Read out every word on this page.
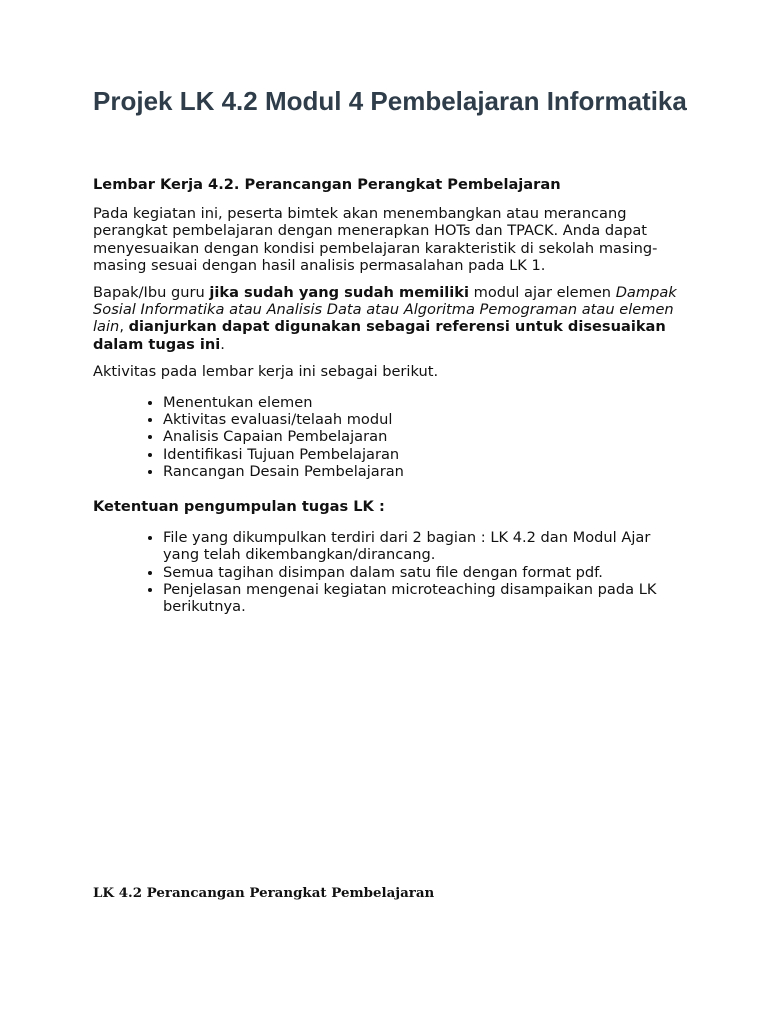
Projek LK 4.2 Modul 4 Pembelajaran Informatika

Lembar Kerja 4.2. Perancangan Perangkat Pembelajaran

Pada kegiatan ini, peserta bimtek akan menembangkan atau merancang perangkat pembelajaran dengan menerapkan HOTs dan TPACK. Anda dapat menyesuaikan dengan kondisi pembelajaran karakteristik di sekolah masing-masing sesuai dengan hasil analisis permasalahan pada LK 1.

Bapak/Ibu guru jika sudah yang sudah memiliki modul ajar elemen Dampak Sosial Informatika atau Analisis Data atau Algoritma Pemograman atau elemen lain, dianjurkan dapat digunakan sebagai referensi untuk disesuaikan dalam tugas ini.

Aktivitas pada lembar kerja ini sebagai berikut.

• Menentukan elemen
• Aktivitas evaluasi/telaah modul
• Analisis Capaian Pembelajaran
• Identifikasi Tujuan Pembelajaran
• Rancangan Desain Pembelajaran

Ketentuan pengumpulan tugas LK :

• File yang dikumpulkan terdiri dari 2 bagian : LK 4.2 dan Modul Ajar yang telah dikembangkan/dirancang.
• Semua tagihan disimpan dalam satu file dengan format pdf.
• Penjelasan mengenai kegiatan microteaching disampaikan pada LK berikutnya.
LK 4.2 Perancangan Perangkat Pembelajaran
